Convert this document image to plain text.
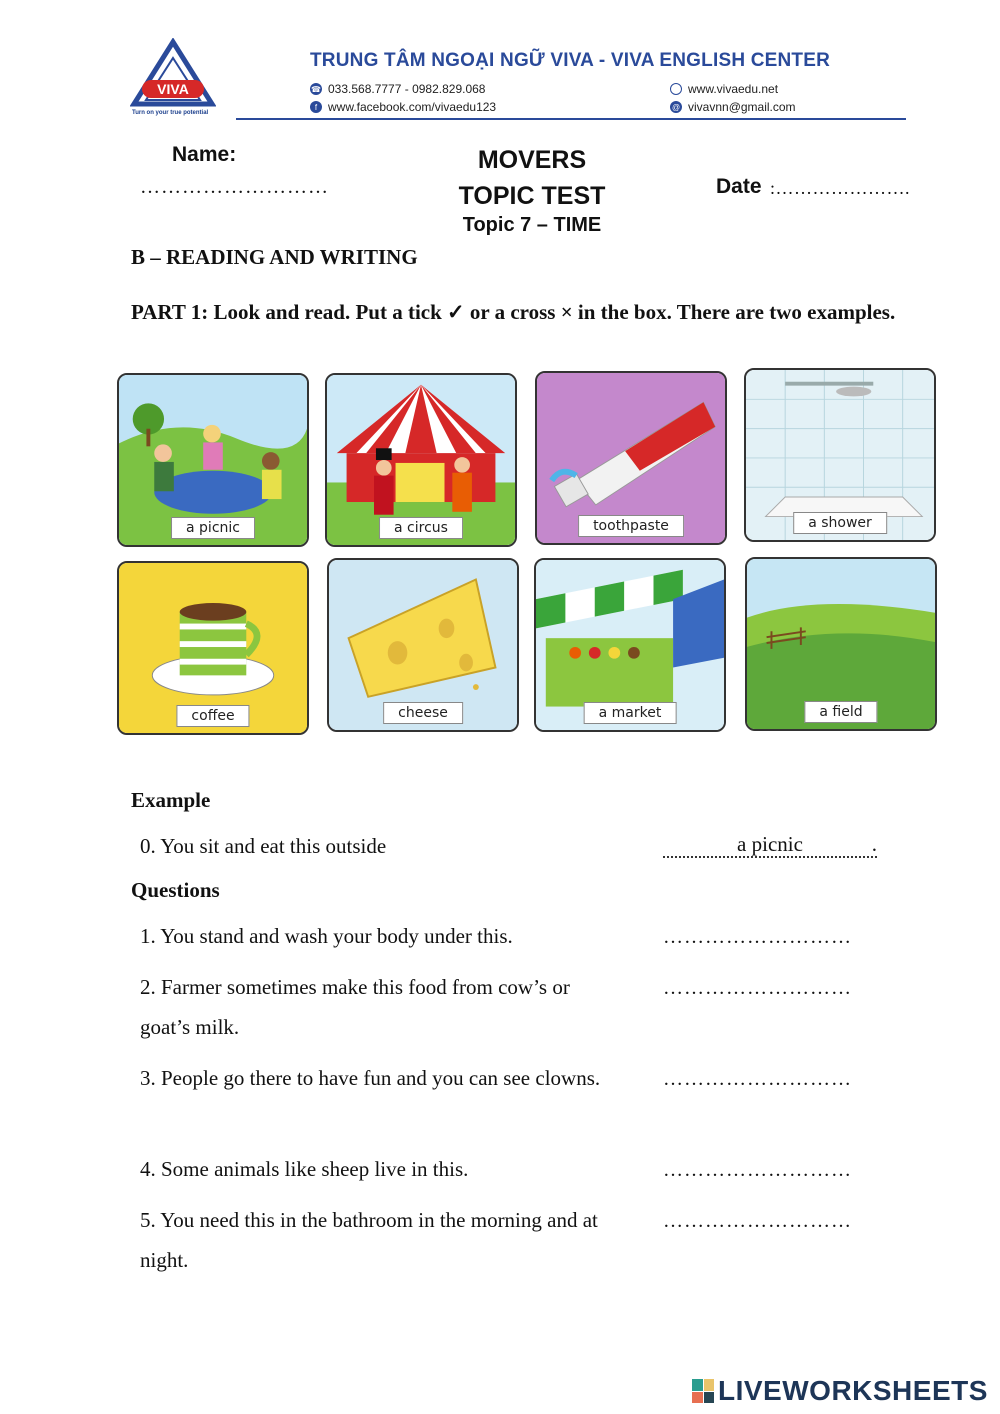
VIVA
Turn on your true potential
TRUNG TÂM NGOẠI NGỮ VIVA - VIVA ENGLISH CENTER
☎ 033.568.7777 - 0982.829.068
f www.facebook.com/vivaedu123
www.vivaedu.net
@ vivavnn@gmail.com
Name:
………………………
MOVERS
TOPIC TEST
Topic 7 – TIME
Date :………………….
B – READING AND WRITING
PART 1: Look and read. Put a tick ✓ or a cross × in the box. There are two examples.
a picnic	a circus	toothpaste	a shower
coffee	cheese	a market	a field
Example
0. You sit and eat this outside	a picnic	.
Questions
1. You stand and wash your body under this.	………………………
2. Farmer sometimes make this food from cow’s or goat’s milk.
………………………
3. People go there to have fun and you can see clowns.	………………………
4. Some animals like sheep live in this.	………………………
5. You need this in the bathroom in the morning and at night.
………………………
LIVEWORKSHEETS
